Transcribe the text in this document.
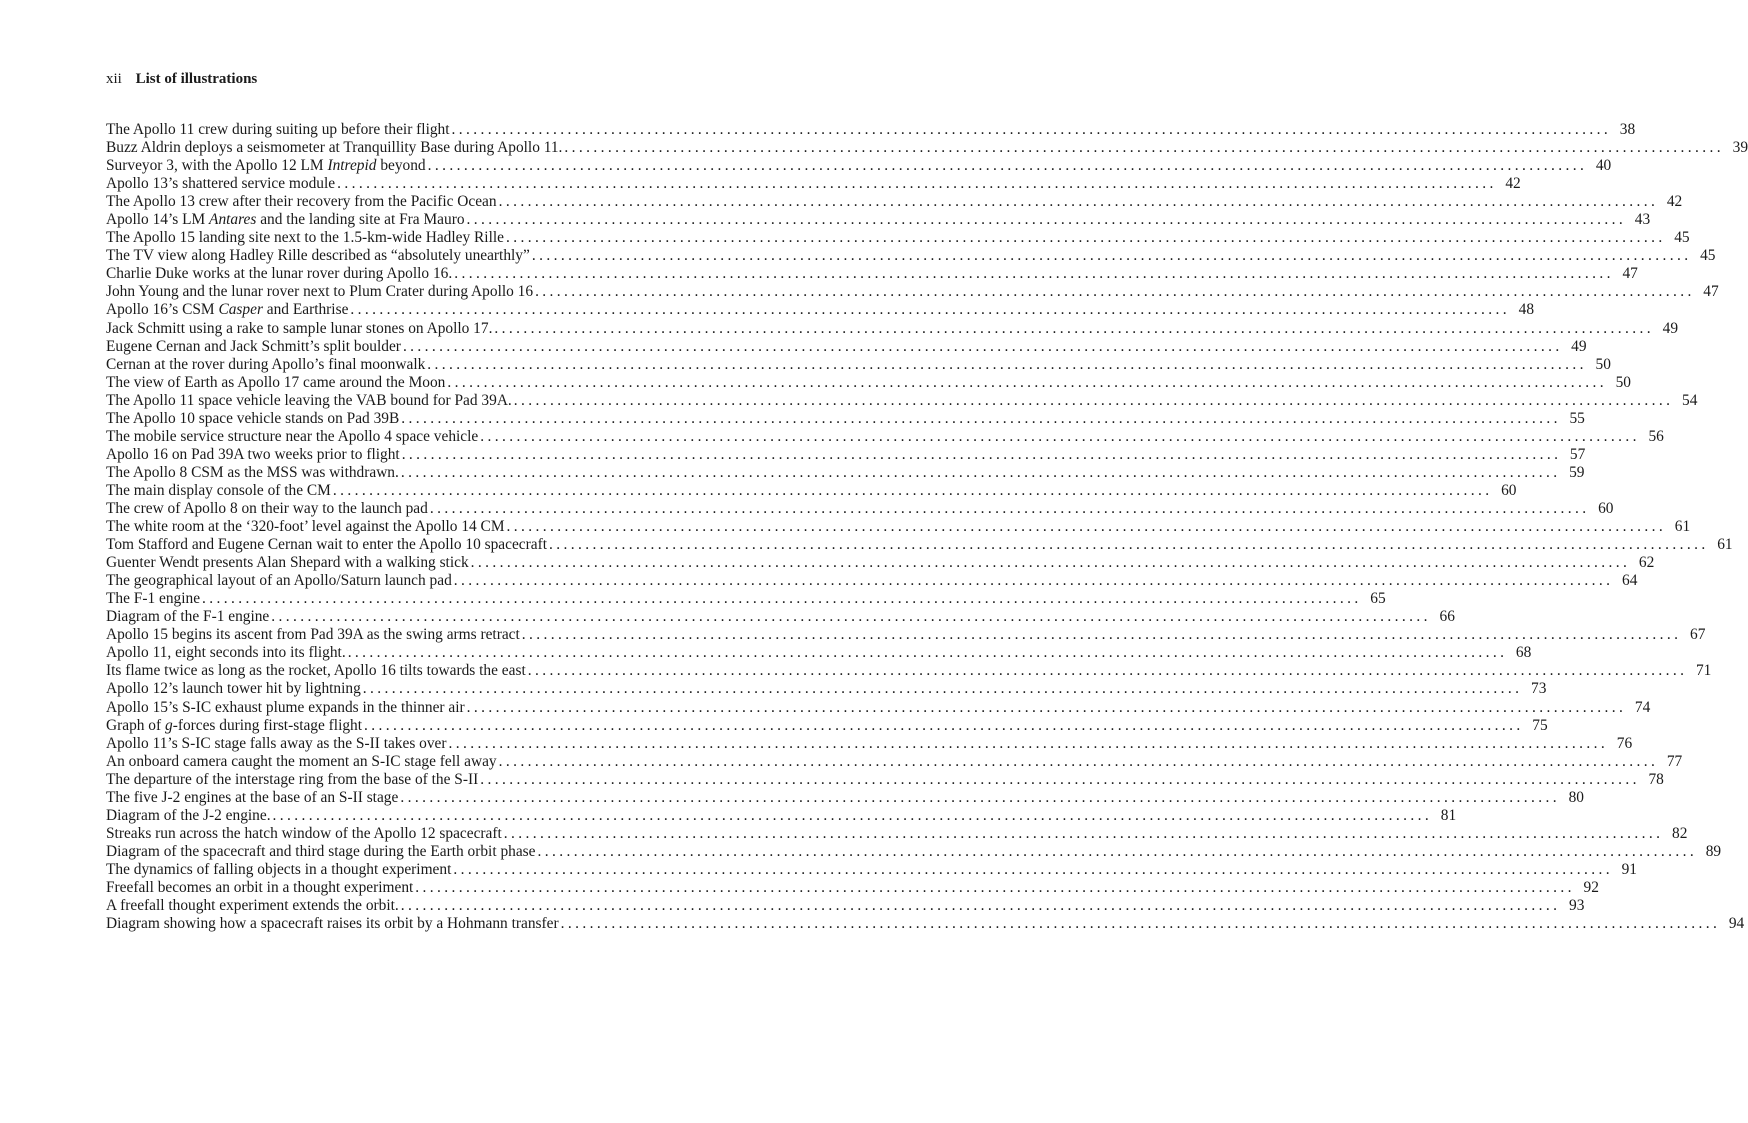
xii List of illustrations
The Apollo 11 crew during suiting up before their flight ................................................................................................................................................................ 38
Buzz Aldrin deploys a seismometer at Tranquillity Base during Apollo 11. ................................................................................................................................................................ 39
Surveyor 3, with the Apollo 12 LM Intrepid beyond ................................................................................................................................................................ 40
Apollo 13’s shattered service module ................................................................................................................................................................ 42
The Apollo 13 crew after their recovery from the Pacific Ocean ................................................................................................................................................................ 42
Apollo 14’s LM Antares and the landing site at Fra Mauro ................................................................................................................................................................ 43
The Apollo 15 landing site next to the 1.5-km-wide Hadley Rille ................................................................................................................................................................ 45
The TV view along Hadley Rille described as “absolutely unearthly” ................................................................................................................................................................ 45
Charlie Duke works at the lunar rover during Apollo 16. ................................................................................................................................................................ 47
John Young and the lunar rover next to Plum Crater during Apollo 16 ................................................................................................................................................................ 47
Apollo 16’s CSM Casper and Earthrise ................................................................................................................................................................ 48
Jack Schmitt using a rake to sample lunar stones on Apollo 17. ................................................................................................................................................................ 49
Eugene Cernan and Jack Schmitt’s split boulder ................................................................................................................................................................ 49
Cernan at the rover during Apollo’s final moonwalk ................................................................................................................................................................ 50
The view of Earth as Apollo 17 came around the Moon ................................................................................................................................................................ 50
The Apollo 11 space vehicle leaving the VAB bound for Pad 39A. ................................................................................................................................................................ 54
The Apollo 10 space vehicle stands on Pad 39B ................................................................................................................................................................ 55
The mobile service structure near the Apollo 4 space vehicle ................................................................................................................................................................ 56
Apollo 16 on Pad 39A two weeks prior to flight ................................................................................................................................................................ 57
The Apollo 8 CSM as the MSS was withdrawn. ................................................................................................................................................................ 59
The main display console of the CM ................................................................................................................................................................ 60
The crew of Apollo 8 on their way to the launch pad ................................................................................................................................................................ 60
The white room at the ‘320-foot’ level against the Apollo 14 CM ................................................................................................................................................................ 61
Tom Stafford and Eugene Cernan wait to enter the Apollo 10 spacecraft ................................................................................................................................................................ 61
Guenter Wendt presents Alan Shepard with a walking stick ................................................................................................................................................................ 62
The geographical layout of an Apollo/Saturn launch pad ................................................................................................................................................................ 64
The F-1 engine ................................................................................................................................................................ 65
Diagram of the F-1 engine ................................................................................................................................................................ 66
Apollo 15 begins its ascent from Pad 39A as the swing arms retract ................................................................................................................................................................ 67
Apollo 11, eight seconds into its flight. ................................................................................................................................................................ 68
Its flame twice as long as the rocket, Apollo 16 tilts towards the east ................................................................................................................................................................ 71
Apollo 12’s launch tower hit by lightning ................................................................................................................................................................ 73
Apollo 15’s S-IC exhaust plume expands in the thinner air ................................................................................................................................................................ 74
Graph of g-forces during first-stage flight ................................................................................................................................................................ 75
Apollo 11’s S-IC stage falls away as the S-II takes over ................................................................................................................................................................ 76
An onboard camera caught the moment an S-IC stage fell away ................................................................................................................................................................ 77
The departure of the interstage ring from the base of the S-II ................................................................................................................................................................ 78
The five J-2 engines at the base of an S-II stage ................................................................................................................................................................ 80
Diagram of the J-2 engine. ................................................................................................................................................................ 81
Streaks run across the hatch window of the Apollo 12 spacecraft ................................................................................................................................................................ 82
Diagram of the spacecraft and third stage during the Earth orbit phase ................................................................................................................................................................ 89
The dynamics of falling objects in a thought experiment ................................................................................................................................................................ 91
Freefall becomes an orbit in a thought experiment ................................................................................................................................................................ 92
A freefall thought experiment extends the orbit. ................................................................................................................................................................ 93
Diagram showing how a spacecraft raises its orbit by a Hohmann transfer ................................................................................................................................................................ 94
